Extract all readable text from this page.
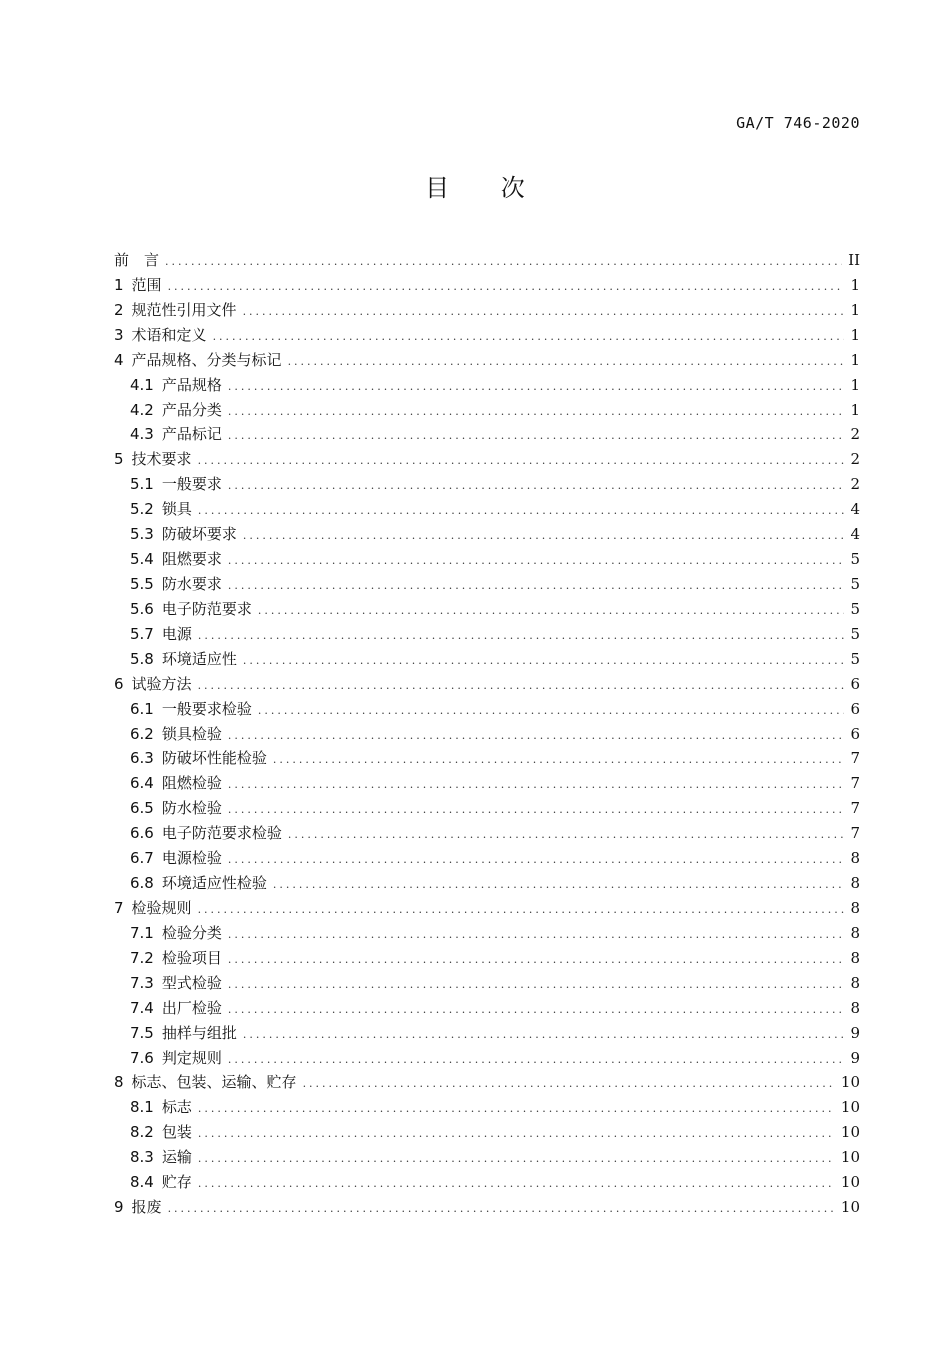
GA/T 746-2020
目 次
前　言 .....	II
1 范围 .....	1
2 规范性引用文件 .....	1
3 术语和定义 .....	1
4 产品规格、分类与标记 .....	1
4.1 产品规格 .....	1
4.2 产品分类 .....	1
4.3 产品标记 .....	2
5 技术要求 .....	2
5.1 一般要求 .....	2
5.2 锁具 .....	4
5.3 防破坏要求 .....	4
5.4 阻燃要求 .....	5
5.5 防水要求 .....	5
5.6 电子防范要求 .....	5
5.7 电源 .....	5
5.8 环境适应性 .....	5
6 试验方法 .....	6
6.1 一般要求检验 .....	6
6.2 锁具检验 .....	6
6.3 防破坏性能检验 .....	7
6.4 阻燃检验 .....	7
6.5 防水检验 .....	7
6.6 电子防范要求检验 .....	7
6.7 电源检验 .....	8
6.8 环境适应性检验 .....	8
7 检验规则 .....	8
7.1 检验分类 .....	8
7.2 检验项目 .....	8
7.3 型式检验 .....	8
7.4 出厂检验 .....	8
7.5 抽样与组批 .....	9
7.6 判定规则 .....	9
8 标志、包装、运输、贮存 .....	10
8.1 标志 .....	10
8.2 包装 .....	10
8.3 运输 .....	10
8.4 贮存 .....	10
9 报废 .....	10
